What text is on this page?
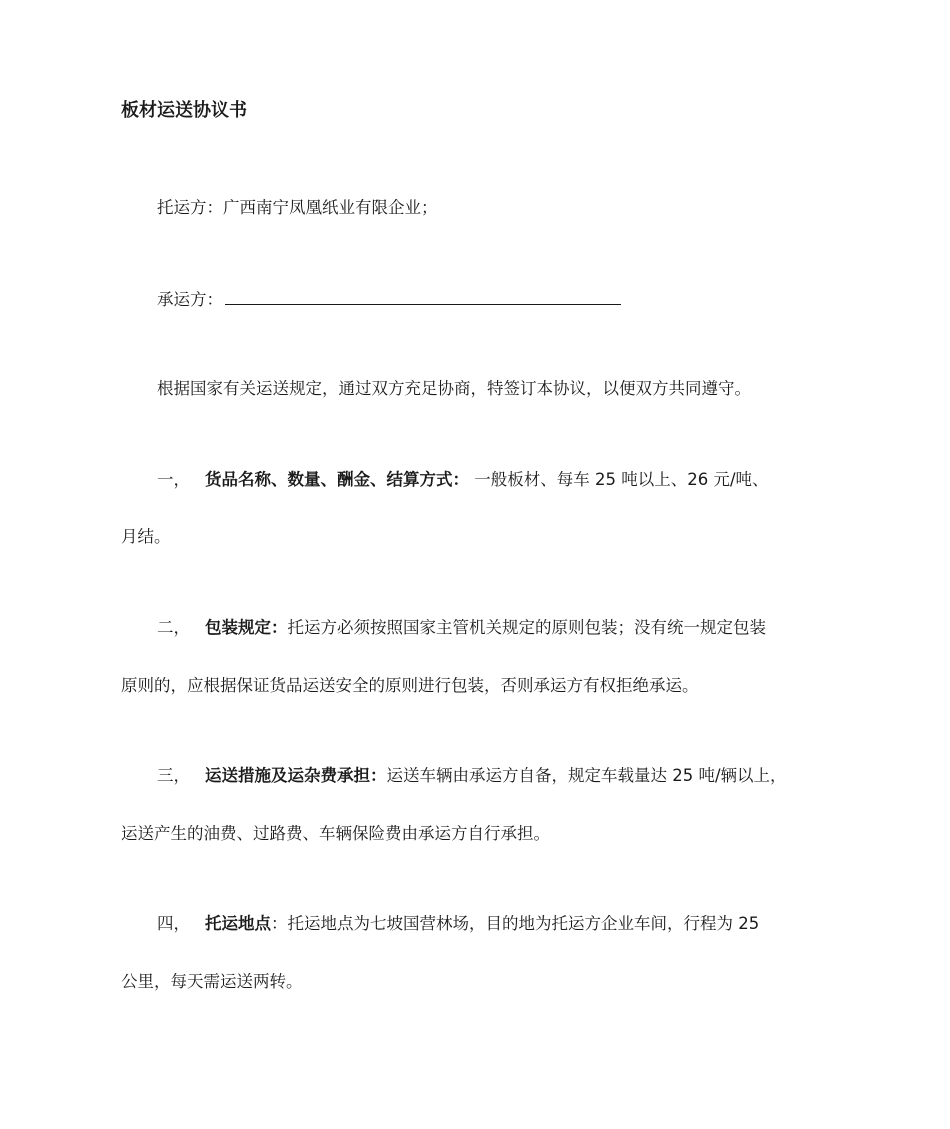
板材运送协议书
托运方：广西南宁凤凰纸业有限企业；
承运方：
根据国家有关运送规定，通过双方充足协商，特签订本协议，以便双方共同遵守。
一， 货品名称、数量、酬金、结算方式： 一般板材、每车 25 吨以上、26 元/吨、
月结。
二， 包装规定：托运方必须按照国家主管机关规定的原则包装；没有统一规定包装
原则的，应根据保证货品运送安全的原则进行包装，否则承运方有权拒绝承运。
三， 运送措施及运杂费承担：运送车辆由承运方自备，规定车载量达 25 吨/辆以上，
运送产生的油费、过路费、车辆保险费由承运方自行承担。
四， 托运地点：托运地点为七坡国营林场，目的地为托运方企业车间，行程为 25
公里，每天需运送两转。
